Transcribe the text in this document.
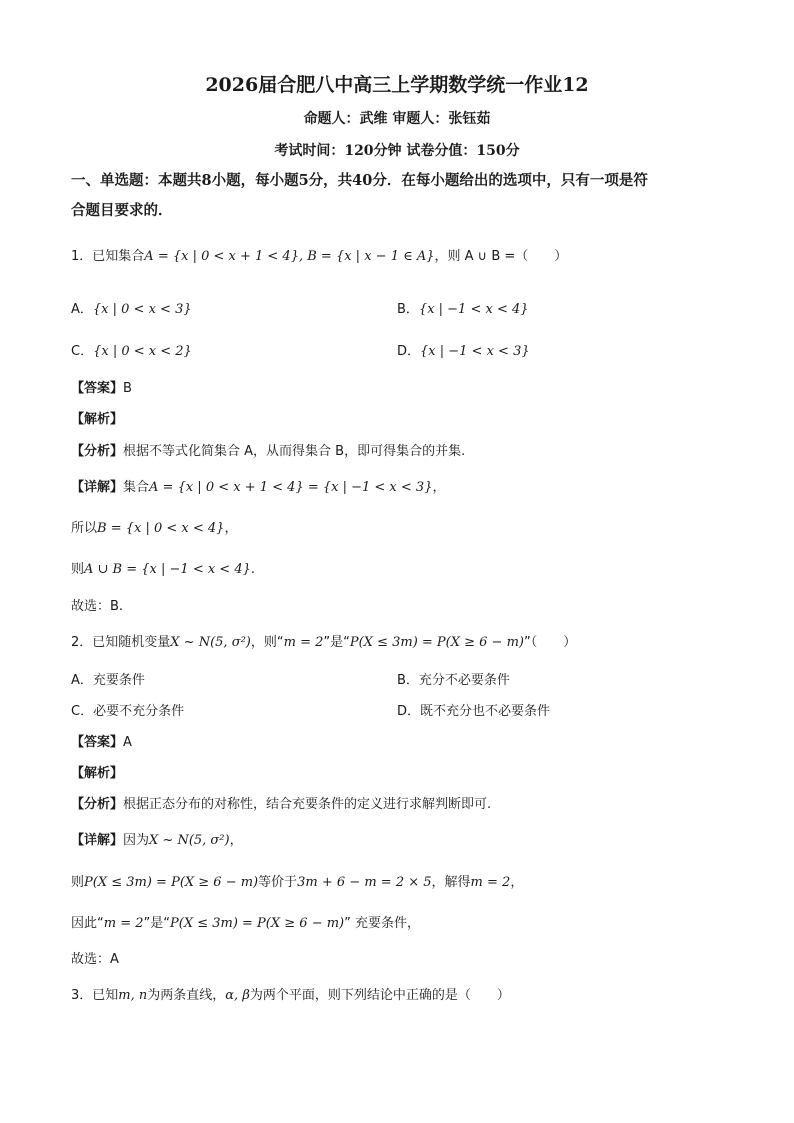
2026届合肥八中高三上学期数学统一作业12
命题人：武维 审题人：张钰茹
考试时间：120分钟 试卷分值：150分
一、单选题：本题共8小题，每小题5分，共40分．在每小题给出的选项中，只有一项是符
合题目要求的．
1．已知集合A = {x | 0 < x + 1 < 4}, B = {x | x − 1 ∈ A}，则 A ∪ B =（　　）
A．{x | 0 < x < 3}	B．{x | −1 < x < 4}
C．{x | 0 < x < 2}	D．{x | −1 < x < 3}
【答案】B
【解析】
【分析】根据不等式化简集合 A，从而得集合 B，即可得集合的并集.
【详解】集合A = {x | 0 < x + 1 < 4} = {x | −1 < x < 3}，
所以B = {x | 0 < x < 4}，
则A ∪ B = {x | −1 < x < 4}.
故选：B.
2．已知随机变量X ~ N(5, σ²)，则“m = 2”是“P(X ≤ 3m) = P(X ≥ 6 − m)”（　　）
A．充要条件	B．充分不必要条件
C．必要不充分条件	D．既不充分也不必要条件
【答案】A
【解析】
【分析】根据正态分布的对称性，结合充要条件的定义进行求解判断即可.
【详解】因为X ~ N(5, σ²)，
则P(X ≤ 3m) = P(X ≥ 6 − m)等价于3m + 6 − m = 2 × 5，解得m = 2，
因此“m = 2”是“P(X ≤ 3m) = P(X ≥ 6 − m)” 充要条件，
故选：A
3．已知m, n为两条直线，α, β为两个平面，则下列结论中正确的是（　　）
